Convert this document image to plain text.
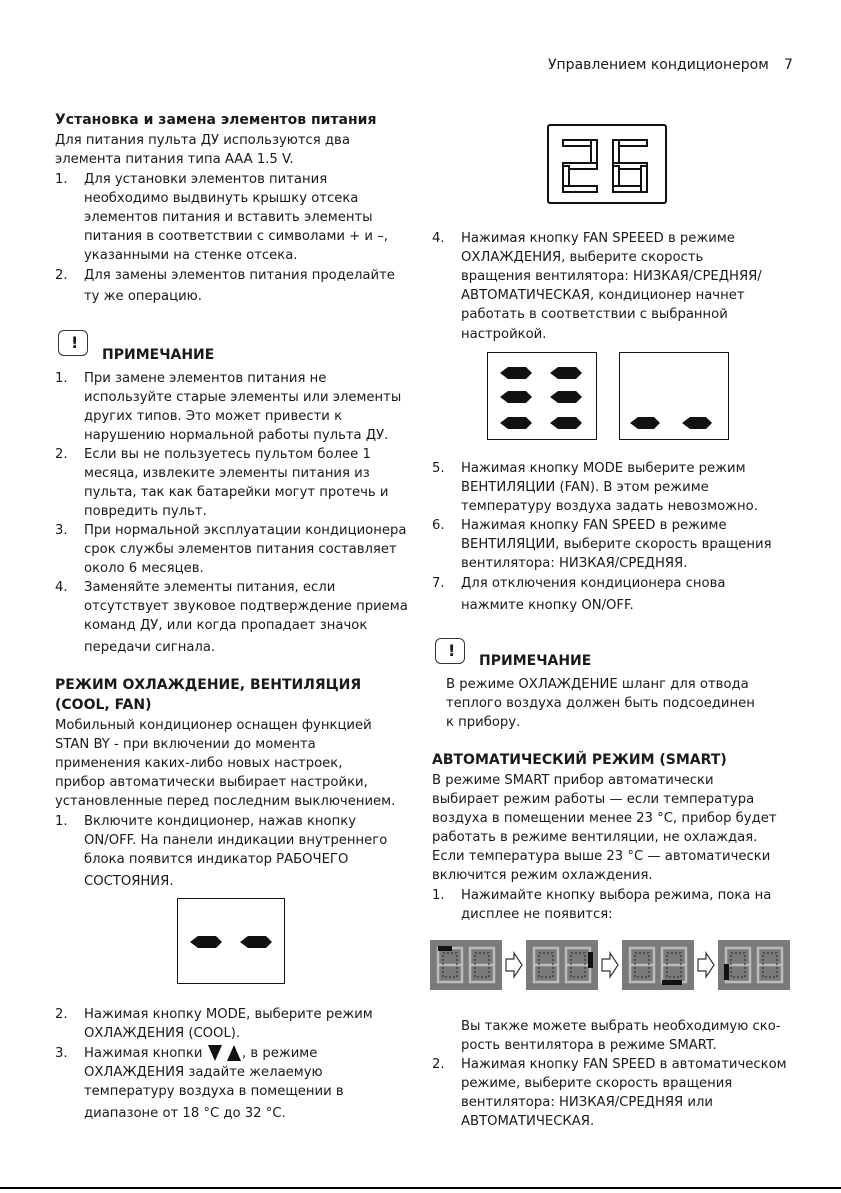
Управлением кондиционером 7
Установка и замена элементов питания
Для питания пульта ДУ используются два
элемента питания типа AAA 1.5 V.
1. Для установки элементов питания
необходимо выдвинуть крышку отсека
элементов питания и вставить элементы
питания в соответствии с символами + и –,
указанными на стенке отсека.
2. Для замены элементов питания проделайте
ту же операцию.
!
ПРИМЕЧАНИЕ
1. При замене элементов питания не
используйте старые элементы или элементы
других типов. Это может привести к
нарушению нормальной работы пульта ДУ.
2. Если вы не пользуетесь пультом более 1
месяца, извлеките элементы питания из
пульта, так как батарейки могут протечь и
повредить пульт.
3. При нормальной эксплуатации кондиционера
срок службы элементов питания составляет
около 6 месяцев.
4. Заменяйте элементы питания, если
отсутствует звуковое подтверждение приема
команд ДУ, или когда пропадает значок
передачи сигнала.
РЕЖИМ ОХЛАЖДЕНИЕ, ВЕНТИЛЯЦИЯ
(COOL, FAN)
Мобильный кондиционер оснащен функцией
STAN BY - при включении до момента
применения каких-либо новых настроек,
прибор автоматически выбирает настройки,
установленные перед последним выключением.
1. Включите кондиционер, нажав кнопку
ON/OFF. На панели индикации внутреннего
блока появится индикатор РАБОЧЕГО
СОСТОЯНИЯ.
2. Нажимая кнопку MODE, выберите режим
ОХЛАЖДЕНИЯ (COOL).
3. Нажимая кнопки	, в режиме
ОХЛАЖДЕНИЯ задайте желаемую
температуру воздуха в помещении в
диапазоне от 18 °C до 32 °C.
4. Нажимая кнопку FAN SPEEED в режиме
ОХЛАЖДЕНИЯ, выберите скорость
вращения вентилятора: НИЗКАЯ/СРЕДНЯЯ/
АВТОМАТИЧЕСКАЯ, кондиционер начнет
работать в соответствии с выбранной
настройкой.
5. Нажимая кнопку MODE выберите режим
ВЕНТИЛЯЦИИ (FAN). В этом режиме
температуру воздуха задать невозможно.
6. Нажимая кнопку FAN SPEED в режиме
ВЕНТИЛЯЦИИ, выберите скорость вращения
вентилятора: НИЗКАЯ/СРЕДНЯЯ.
7. Для отключения кондиционера снова
нажмите кнопку ON/OFF.
!
ПРИМЕЧАНИЕ
В режиме ОХЛАЖДЕНИЕ шланг для отвода
теплого воздуха должен быть подсоединен
к прибору.
АВТОМАТИЧЕСКИЙ РЕЖИМ (SMART)
В режиме SMART прибор автоматически
выбирает режим работы — если температура
воздуха в помещении менее 23 °C, прибор будет
работать в режиме вентиляции, не охлаждая.
Если температура выше 23 °C — автоматически
включится режим охлаждения.
1. Нажимайте кнопку выбора режима, пока на
дисплее не появится:
Вы также можете выбрать необходимую ско-
рость вентилятора в режиме SMART.
2. Нажимая кнопку FAN SPEED в автоматическом
режиме, выберите скорость вращения
вентилятора: НИЗКАЯ/СРЕДНЯЯ или
АВТОМАТИЧЕСКАЯ.
